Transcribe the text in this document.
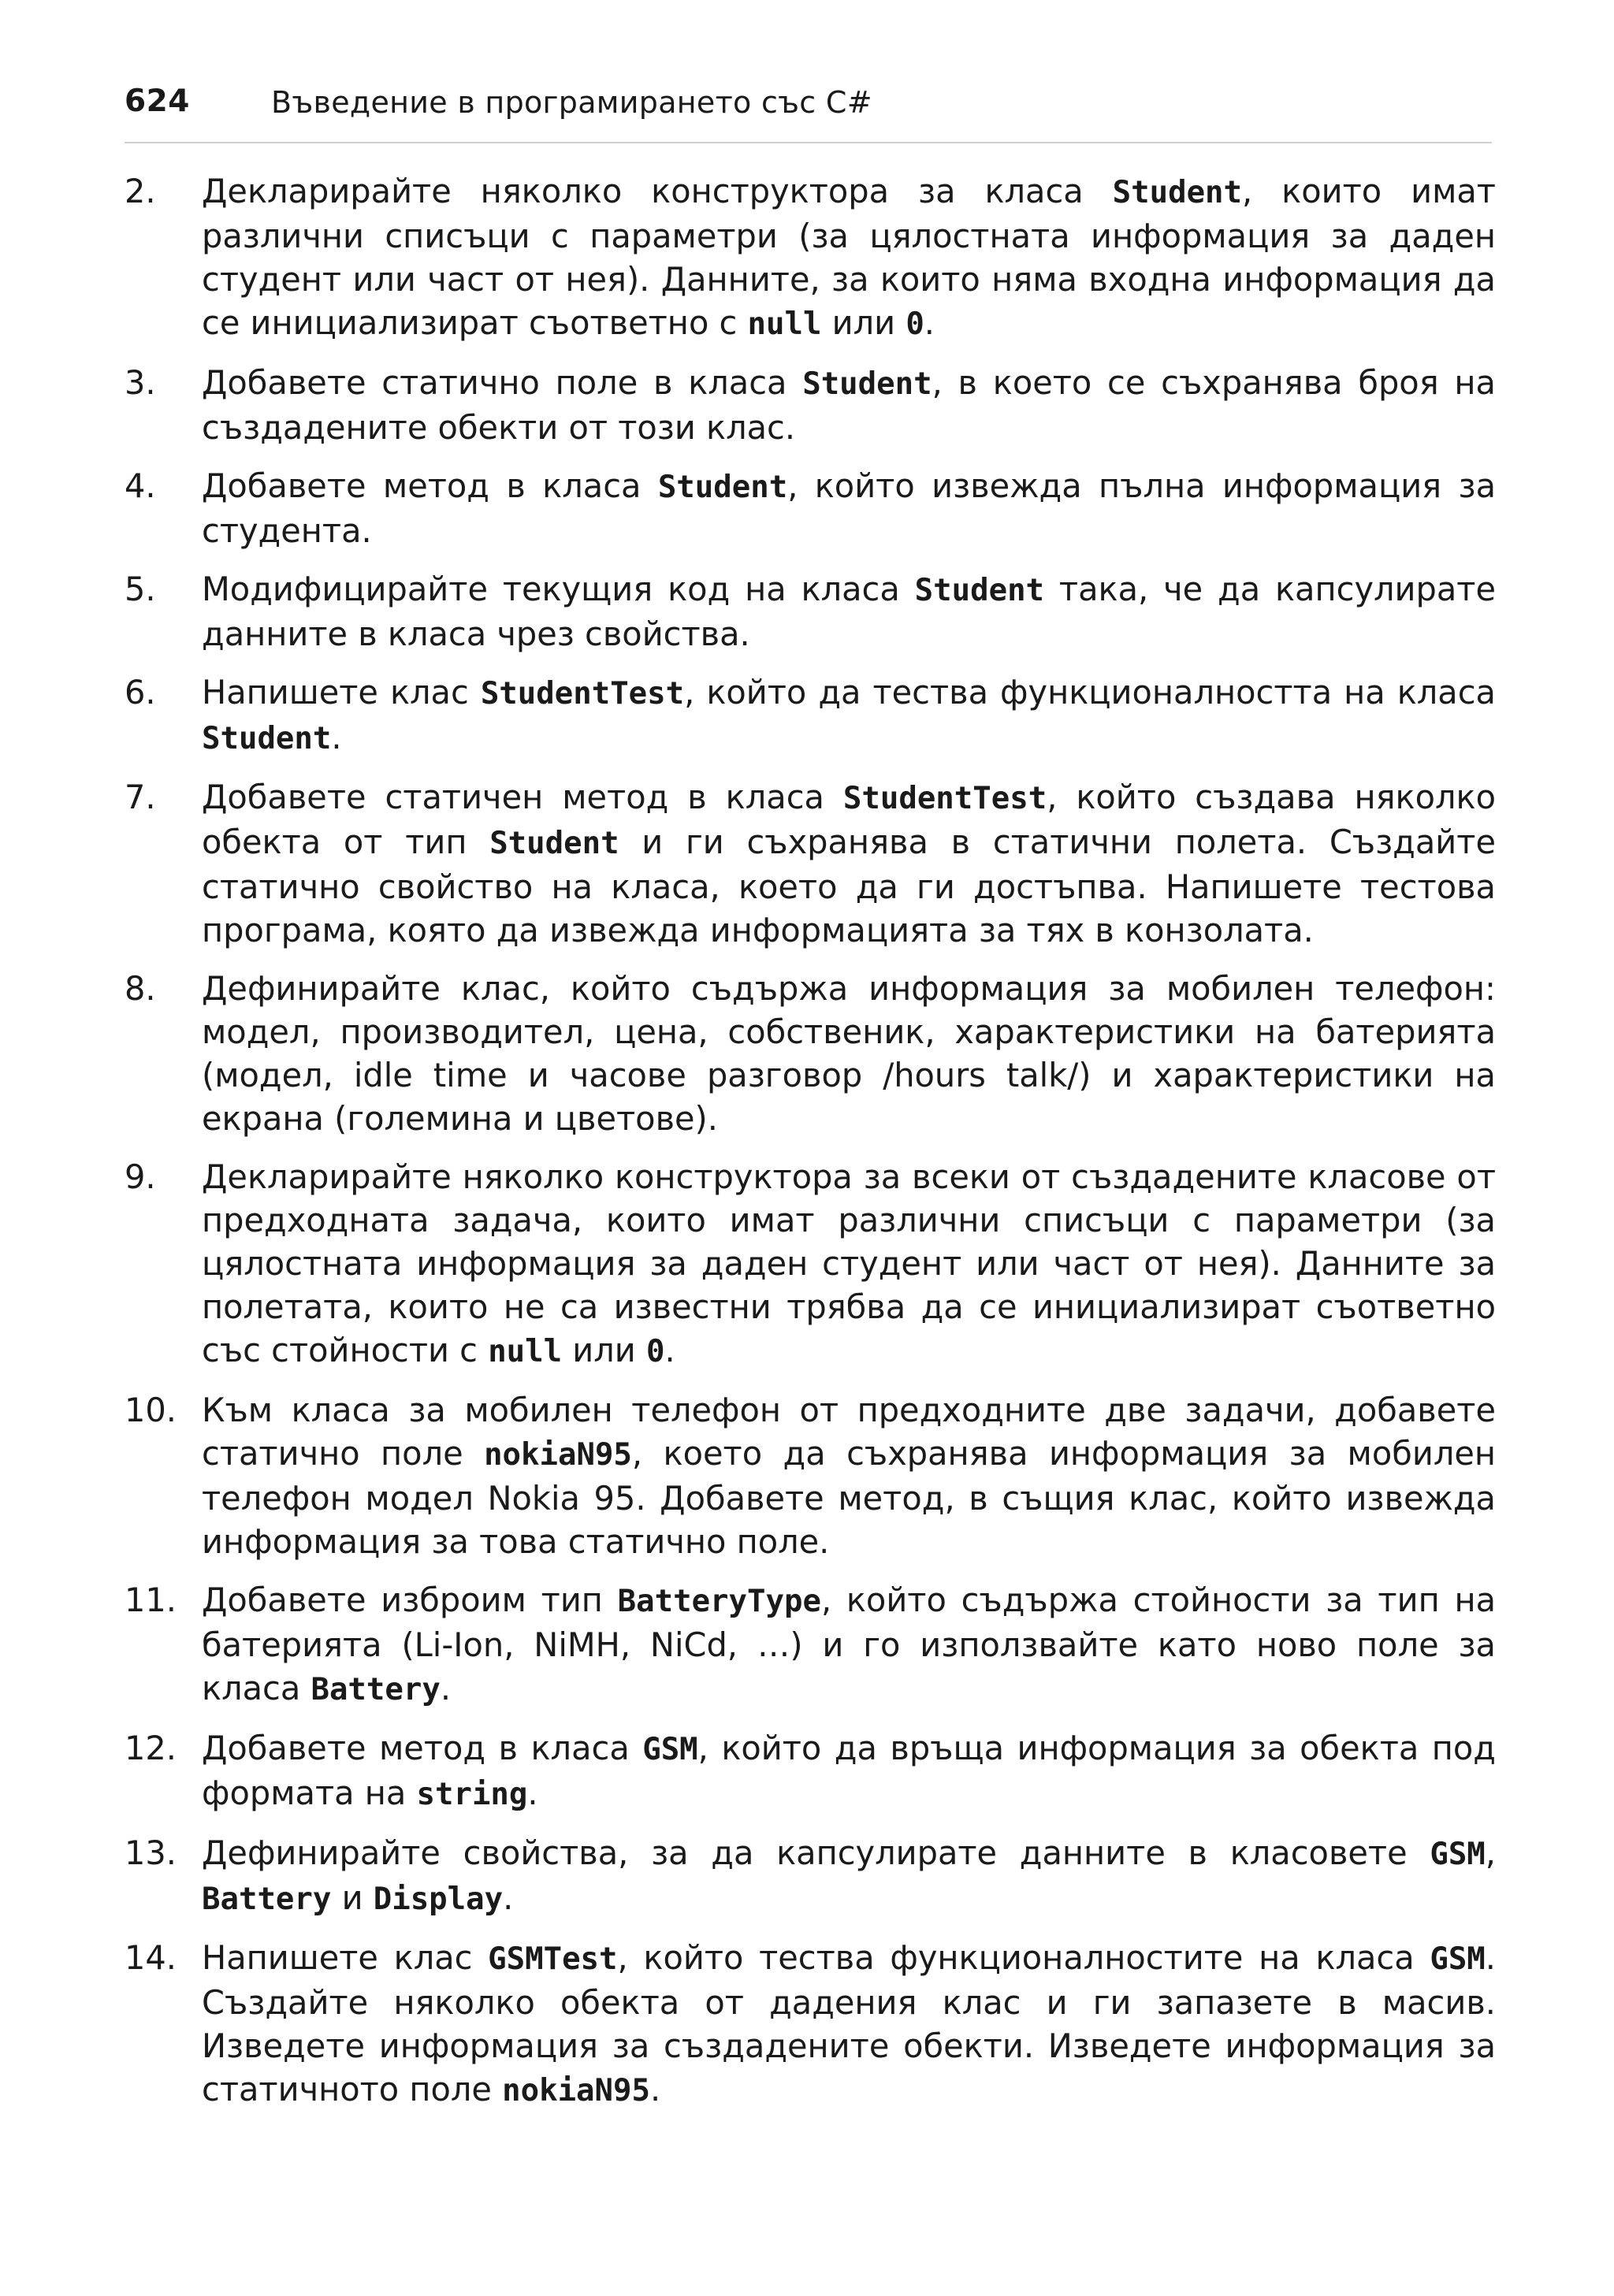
624	Въведение в програмирането със C#
2. Декларирайте няколко конструктора за класа Student, които имат различни списъци с параметри (за цялостната информация за даден студент или част от нея). Данните, за които няма входна информация да се инициализират съответно с null или 0.
3. Добавете статично поле в класа Student, в което се съхранява броя на създадените обекти от този клас.
4. Добавете метод в класа Student, който извежда пълна информация за студента.
5. Модифицирайте текущия код на класа Student така, че да капсулирате данните в класа чрез свойства.
6. Напишете клас StudentTest, който да тества функционалността на класа Student.
7. Добавете статичен метод в класа StudentTest, който създава няколко обекта от тип Student и ги съхранява в статични полета. Създайте статично свойство на класа, което да ги достъпва. Напишете тестова програма, която да извежда информацията за тях в конзолата.
8. Дефинирайте клас, който съдържа информация за мобилен телефон: модел, производител, цена, собственик, характеристики на батерията (модел, idle time и часове разговор /hours talk/) и характеристики на екрана (големина и цветове).
9. Декларирайте няколко конструктора за всеки от създадените класове от предходната задача, които имат различни списъци с параметри (за цялостната информация за даден студент или част от нея). Данните за полетата, които не са известни трябва да се инициализират съответно със стойности с null или 0.
10. Към класа за мобилен телефон от предходните две задачи, добавете статично поле nokiaN95, което да съхранява информация за мобилен телефон модел Nokia 95. Добавете метод, в същия клас, който извежда информация за това статично поле.
11. Добавете изброим тип BatteryType, който съдържа стойности за тип на батерията (Li-Ion, NiMH, NiCd, …) и го използвайте като ново поле за класа Battery.
12. Добавете метод в класа GSM, който да връща информация за обекта под формата на string.
13. Дефинирайте свойства, за да капсулирате данните в класовете GSM, Battery и Display.
14. Напишете клас GSMTest, който тества функционалностите на класа GSM. Създайте няколко обекта от дадения клас и ги запазете в масив. Изведете информация за създадените обекти. Изведете информация за статичното поле nokiaN95.
